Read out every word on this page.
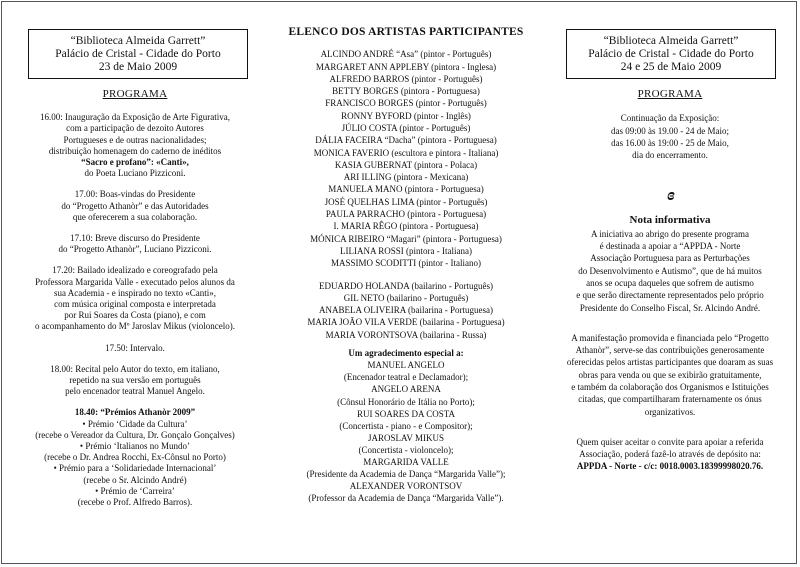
“Biblioteca Almeida Garrett”
Palácio de Cristal - Cidade do Porto
23 de Maio 2009
PROGRAMA
16.00: Inauguração da Exposição de Arte Figurativa,
com a participação de dezoito Autores
Portugueses e de outras nacionalidades;
distribuição homenagem do caderno de inéditos
“Sacro e profano”: «Canti»,
do Poeta Luciano Pizziconi.
17.00: Boas-vindas do Presidente
do “Progetto Athanòr” e das Autoridades
que oferecerem a sua colaboração.
17.10: Breve discurso do Presidente
do “Progetto Athanòr”, Luciano Pizziconi.
17.20: Bailado idealizado e coreografado pela
Professora Margarida Valle - executado pelos alunos da
sua Academia - e inspirado no texto «Canti»,
com música original composta e interpretada
por Rui Soares da Costa (piano), e com
o acompanhamento do Mº Jaroslav Mikus (violoncelo).
17.50: Intervalo.
18.00: Recital pelo Autor do texto, em italiano,
repetido na sua versão em português
pelo encenador teatral Manuel Angelo.
18.40: “Prémios Athanòr 2009”
• Prémio ‘Cidade da Cultura’
(recebe o Vereador da Cultura, Dr. Gonçalo Gonçalves)
• Prémio ‘Italianos no Mundo’
(recebe o Dr. Andrea Rocchi, Ex-Cônsul no Porto)
• Prémio para a ‘Solidariedade Internacional’
(recebe o Sr. Alcindo André)
• Prémio de ‘Carreira’
(recebe o Prof. Alfredo Barros).
ELENCO DOS ARTISTAS PARTICIPANTES
ALCINDO ANDRÉ “Asa” (pintor - Português)
MARGARET ANN APPLEBY (pintora - Inglesa)
ALFREDO BARROS (pintor - Português)
BETTY BORGES (pintora - Portuguesa)
FRANCISCO BORGES (pintor - Português)
RONNY BYFORD (pintor - Inglês)
JÚLIO COSTA (pintor - Português)
DÁLIA FACEIRA “Dacha” (pintora - Portuguesa)
MONICA FAVERIO (escultora e pintora - Italiana)
KASIA GUBERNAT (pintora - Polaca)
ARI ILLING (pintora - Mexicana)
MANUELA MANO (pintora - Portuguesa)
JOSÉ QUELHAS LIMA (pintor - Português)
PAULA PARRACHO (pintora - Portuguesa)
I. MARIA RÊGO (pintora - Portuguesa)
MÓNICA RIBEIRO “Magari” (pintora - Portuguesa)
LILIANA ROSSI (pintora - Italiana)
MASSIMO SCODITTI (pintor - Italiano)
EDUARDO HOLANDA (bailarino - Português)
GIL NETO (bailarino - Português)
ANABELA OLIVEIRA (bailarina - Portuguesa)
MARIA JOÃO VILA VERDE (bailarina - Portuguesa)
MARIA VORONTSOVA (bailarina - Russa)
Um agradecimento especial a:
MANUEL ANGELO
(Encenador teatral e Declamador);
ANGELO ARENA
(Cônsul Honorário de Itália no Porto);
RUI SOARES DA COSTA
(Concertista - piano - e Compositor);
JAROSLAV MIKUS
(Concertista - violoncelo);
MARGARIDA VALLE
(Presidente da Academia de Dança “Margarida Valle”);
ALEXANDER VORONTSOV
(Professor da Academia de Dança “Margarida Valle”).
“Biblioteca Almeida Garrett”
Palácio de Cristal - Cidade do Porto
24 e 25 de Maio 2009
PROGRAMA
Continuação da Exposição:
das 09:00 às 19.00 - 24 de Maio;
das 16.00 às 19:00 - 25 de Maio,
dia do encerramento.
ɞ
Nota informativa
A iniciativa ao abrigo do presente programa
é destinada a apoiar a “APPDA - Norte
Associação Portuguesa para as Perturbações
do Desenvolvimento e Autismo”, que de há muitos
anos se ocupa daqueles que sofrem de autismo
e que serão directamente representados pelo próprio
Presidente do Conselho Fiscal, Sr. Alcindo André.
A manifestação promovida e financiada pelo “Progetto
Athanòr”, serve-se das contribuições generosamente
oferecidas pelos artistas participantes que doaram as suas
obras para venda ou que se exibirão gratuitamente,
e também da colaboração dos Organismos e Istituições
citadas, que compartilharam fraternamente os ónus
organizativos.
Quem quiser aceitar o convite para apoiar a referida
Associação, poderá fazê-lo através de depósito na:
APPDA - Norte - c/c: 0018.0003.18399998020.76.
